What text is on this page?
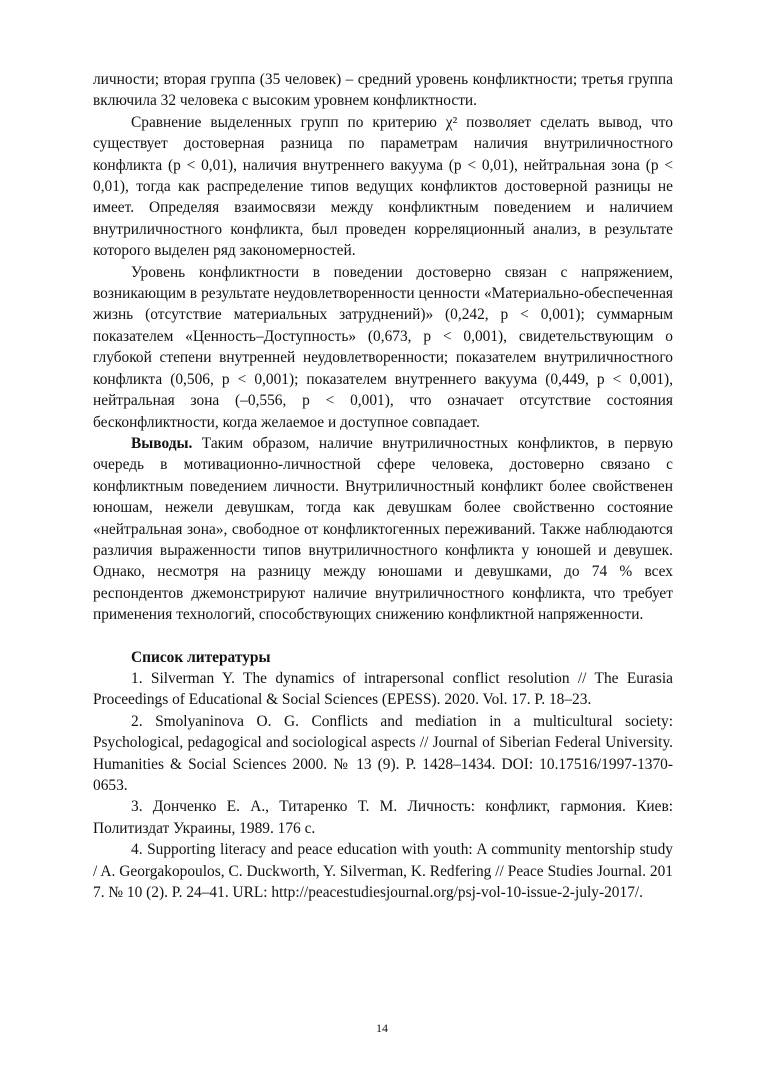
личности; вторая группа (35 человек) – средний уровень конфликтности; третья группа включила 32 человека с высоким уровнем конфликтности.

Сравнение выделенных групп по критерию χ² позволяет сделать вывод, что существует достоверная разница по параметрам наличия внутриличностного конфликта (p < 0,01), наличия внутреннего вакуума (p < 0,01), нейтральная зона (p < 0,01), тогда как распределение типов ведущих конфликтов достоверной разницы не имеет. Определяя взаимосвязи между конфликтным поведением и наличием внутриличностного конфликта, был проведен корреляционный анализ, в результате которого выделен ряд закономерностей.

Уровень конфликтности в поведении достоверно связан с напряжением, возникающим в результате неудовлетворенности ценности «Материально-обеспеченная жизнь (отсутствие материальных затруднений)» (0,242, p < 0,001); суммарным показателем «Ценность–Доступность» (0,673, p < 0,001), свидетельствующим о глубокой степени внутренней неудовлетворенности; показателем внутриличностного конфликта (0,506, p < 0,001); показателем внутреннего вакуума (0,449, p < 0,001), нейтральная зона (–0,556, p < 0,001), что означает отсутствие состояния бесконфликтности, когда желаемое и доступное совпадает.

Выводы. Таким образом, наличие внутриличностных конфликтов, в первую очередь в мотивационно-личностной сфере человека, достоверно связано с конфликтным поведением личности. Внутриличностный конфликт более свойственен юношам, нежели девушкам, тогда как девушкам более свойственно состояние «нейтральная зона», свободное от конфликтогенных переживаний. Также наблюдаются различия выраженности типов внутриличностного конфликта у юношей и девушек. Однако, несмотря на разницу между юношами и девушками, до 74 % всех респондентов джемонстрируют наличие внутриличностного конфликта, что требует применения технологий, способствующих снижению конфликтной напряженности.

Список литературы

1. Silverman Y. The dynamics of intrapersonal conflict resolution // The Eurasia Proceedings of Educational & Social Sciences (EPESS). 2020. Vol. 17. P. 18–23.

2. Smolyaninova O. G. Conflicts and mediation in a multicultural society: Psychological, pedagogical and sociological aspects // Journal of Siberian Federal University. Humanities & Social Sciences 2000. № 13 (9). P. 1428–1434. DOI: 10.17516/1997-1370-0653.

3. Донченко Е. А., Титаренко Т. М. Личность: конфликт, гармония. Киев: Политиздат Украины, 1989. 176 с.

4. Supporting literacy and peace education with youth: A community mentorship study / A. Georgakopoulos, C. Duckworth, Y. Silverman, K. Redfering // Peace Studies Journal. 2017. № 10 (2). P. 24–41. URL: http://peacestudiesjournal.org/psj-vol-10-issue-2-july-2017/.

14
